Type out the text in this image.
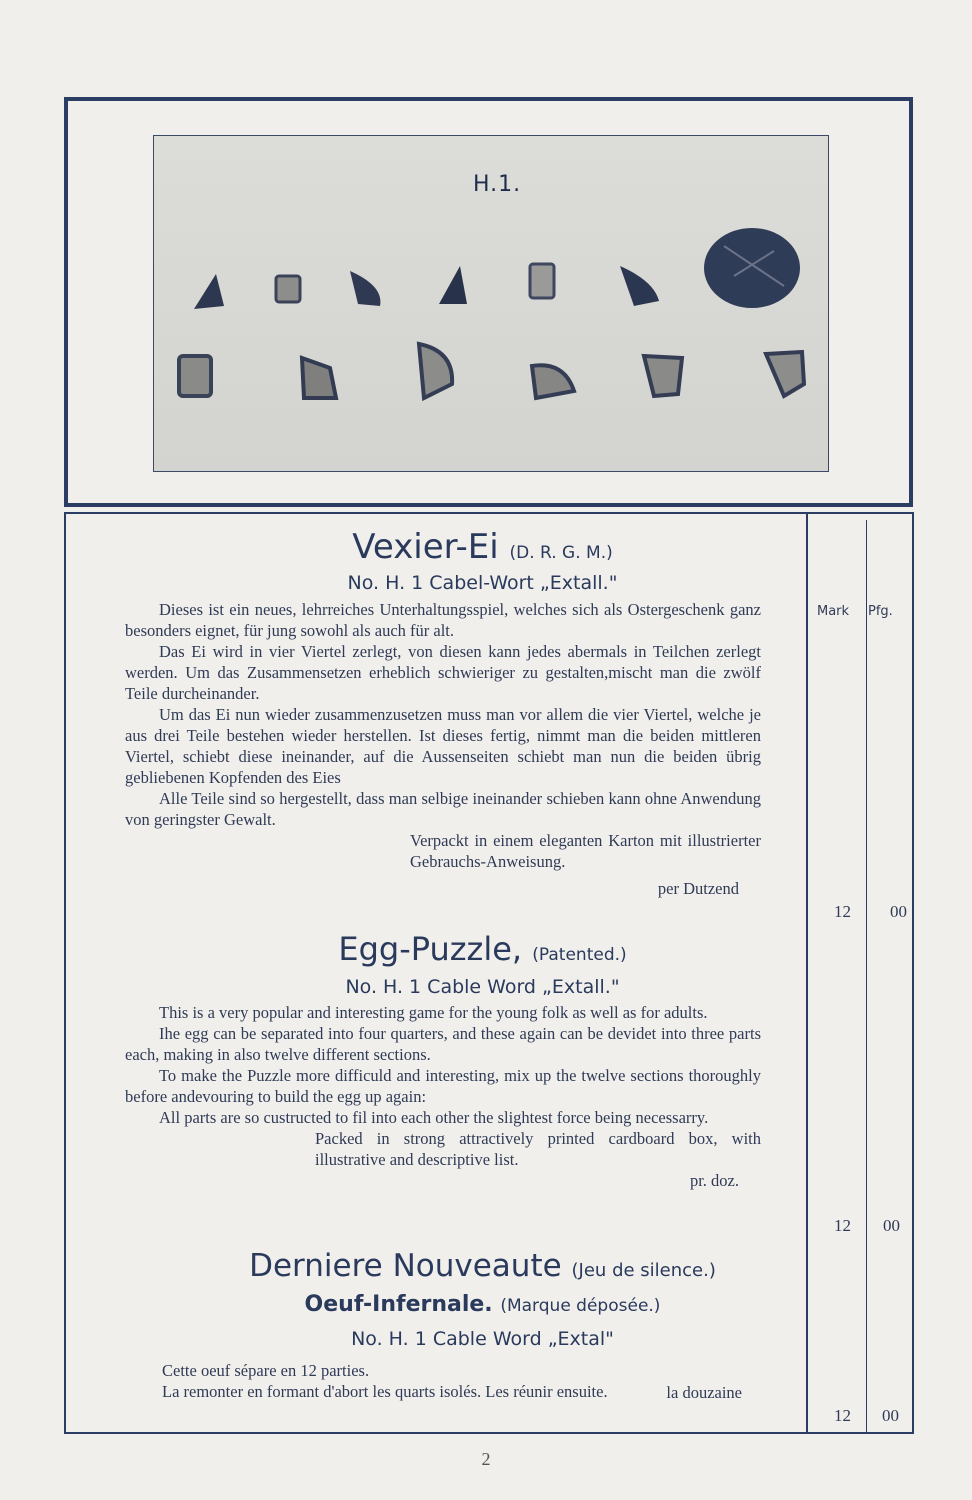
H.1.
Mark Pfg.
Vexier-Ei (D. R. G. M.)
No. H. 1 Cabel-Wort „Extall."

Dieses ist ein neues, lehrreiches Unterhaltungsspiel, welches sich als Ostergeschenk ganz besonders eignet, für jung sowohl als auch für alt.

Das Ei wird in vier Viertel zerlegt, von diesen kann jedes abermals in Teilchen zerlegt werden. Um das Zusammensetzen erheblich schwieriger zu gestalten,mischt man die zwölf Teile durcheinander.

Um das Ei nun wieder zusammenzusetzen muss man vor allem die vier Viertel, welche je aus drei Teile bestehen wieder herstellen. Ist dieses fertig, nimmt man die beiden mittleren Viertel, schiebt diese ineinander, auf die Aussenseiten schiebt man nun die beiden übrig gebliebenen Kopfenden des Eies

Alle Teile sind so hergestellt, dass man selbige ineinander schieben kann ohne Anwendung von geringster Gewalt.

Verpackt in einem eleganten Karton mit illustrierter Gebrauchs-Anweisung.

per Dutzend

12 00
Egg-Puzzle, (Patented.)
No. H. 1 Cable Word „Extall."

This is a very popular and interesting game for the young folk as well as for adults.

Ihe egg can be separated into four quarters, and these again can be devidet into three parts each, making in also twelve different sections.

To make the Puzzle more difficuld and interesting, mix up the twelve sections thoroughly before andevouring to build the egg up again:

All parts are so custructed to fil into each other the slightest force being necessarry.

Packed in strong attractively printed cardboard box, with illustrative and descriptive list.

pr. doz.

12 00
Derniere Nouveaute (Jeu de silence.)
Oeuf-Infernale. (Marque déposée.)
No. H. 1 Cable Word „Extal"

Cette oeuf sépare en 12 parties.

La remonter en formant d'abort les quarts isolés. Les réunir ensuite.	la douzaine

12 00
2
